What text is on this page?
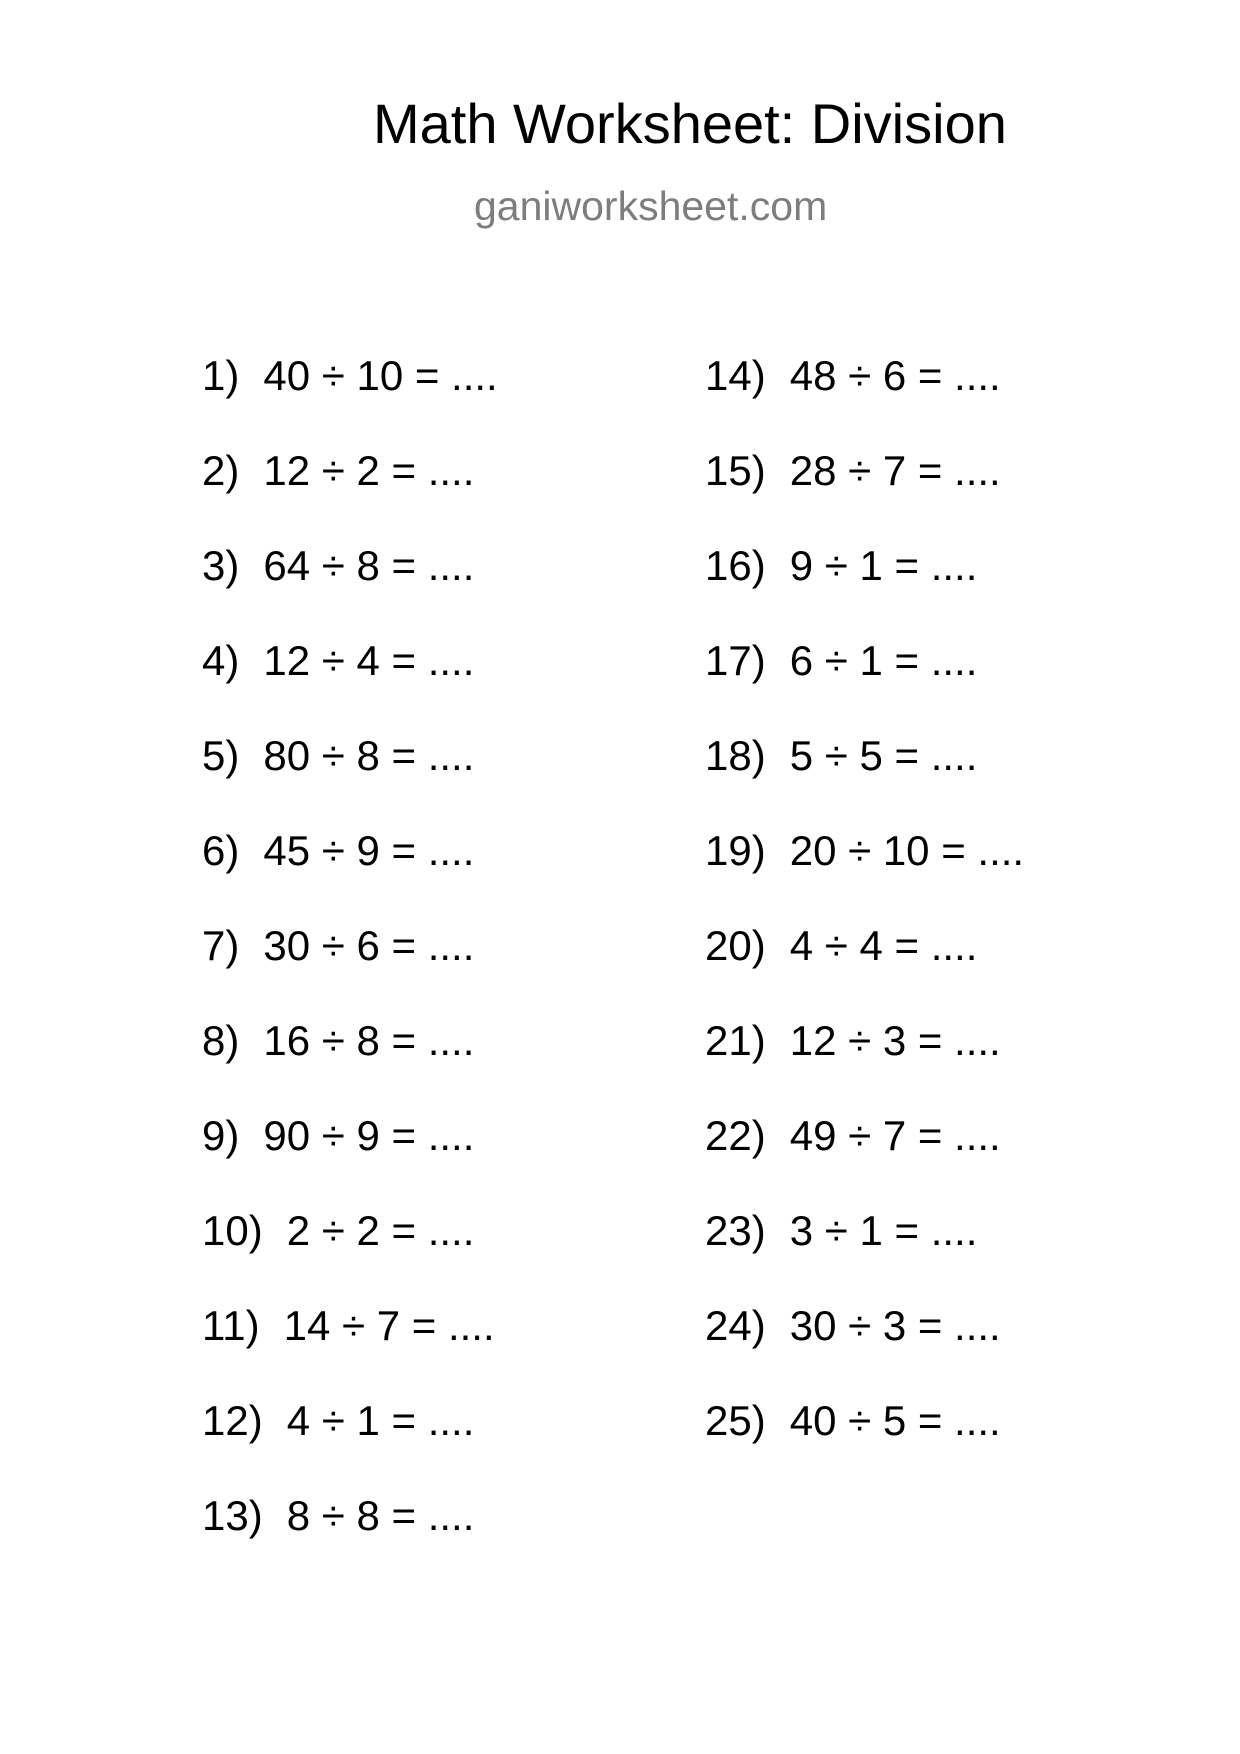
Math Worksheet: Division
ganiworksheet.com
1 ) 40 ÷ 10 = ....
2 ) 12 ÷ 2 = ....
3 ) 64 ÷ 8 = ....
4 ) 12 ÷ 4 = ....
5 ) 80 ÷ 8 = ....
6 ) 45 ÷ 9 = ....
7 ) 30 ÷ 6 = ....
8 ) 16 ÷ 8 = ....
9 ) 90 ÷ 9 = ....
10 ) 2 ÷ 2 = ....
11 ) 14 ÷ 7 = ....
12 ) 4 ÷ 1 = ....
13 ) 8 ÷ 8 = ....
14 ) 48 ÷ 6 = ....
15 ) 28 ÷ 7 = ....
16 ) 9 ÷ 1 = ....
17 ) 6 ÷ 1 = ....
18 ) 5 ÷ 5 = ....
19 ) 20 ÷ 10 = ....
20 ) 4 ÷ 4 = ....
21 ) 12 ÷ 3 = ....
22 ) 49 ÷ 7 = ....
23 ) 3 ÷ 1 = ....
24 ) 30 ÷ 3 = ....
25 ) 40 ÷ 5 = ....
